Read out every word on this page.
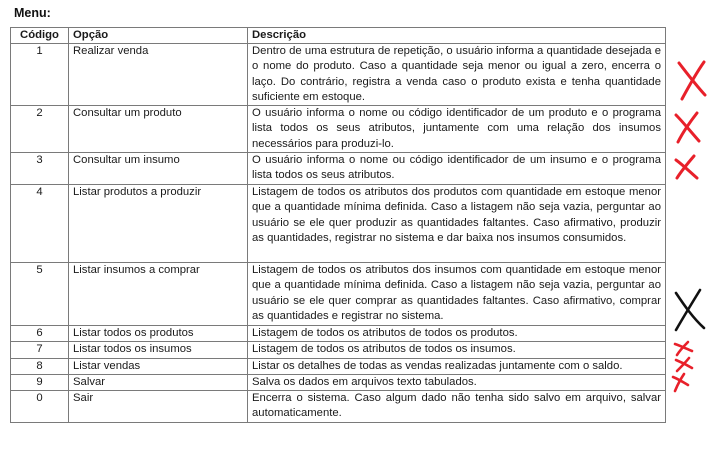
Menu:
Código	Opção	Descrição
1	Realizar venda	Dentro de uma estrutura de repetição, o usuário informa a quantidade desejada e o nome do produto. Caso a quantidade seja menor ou igual a zero, encerra o laço. Do contrário, registra a venda caso o produto exista e tenha quantidade suficiente em estoque.
2	Consultar um produto	O usuário informa o nome ou código identificador de um produto e o programa lista todos os seus atributos, juntamente com uma relação dos insumos necessários para produzi-lo.
3	Consultar um insumo	O usuário informa o nome ou código identificador de um insumo e o programa lista todos os seus atributos.
4	Listar produtos a produzir	Listagem de todos os atributos dos produtos com quantidade em estoque menor que a quantidade mínima definida. Caso a listagem não seja vazia, perguntar ao usuário se ele quer produzir as quantidades faltantes. Caso afirmativo, produzir as quantidades, registrar no sistema e dar baixa nos insumos consumidos.
5	Listar insumos a comprar	Listagem de todos os atributos dos insumos com quantidade em estoque menor que a quantidade mínima definida. Caso a listagem não seja vazia, perguntar ao usuário se ele quer comprar as quantidades faltantes. Caso afirmativo, comprar as quantidades e registrar no sistema.
6	Listar todos os produtos	Listagem de todos os atributos de todos os produtos.
7	Listar todos os insumos	Listagem de todos os atributos de todos os insumos.
8	Listar vendas	Listar os detalhes de todas as vendas realizadas juntamente com o saldo.
9	Salvar	Salva os dados em arquivos texto tabulados.
0	Sair	Encerra o sistema. Caso algum dado não tenha sido salvo em arquivo, salvar automaticamente.
